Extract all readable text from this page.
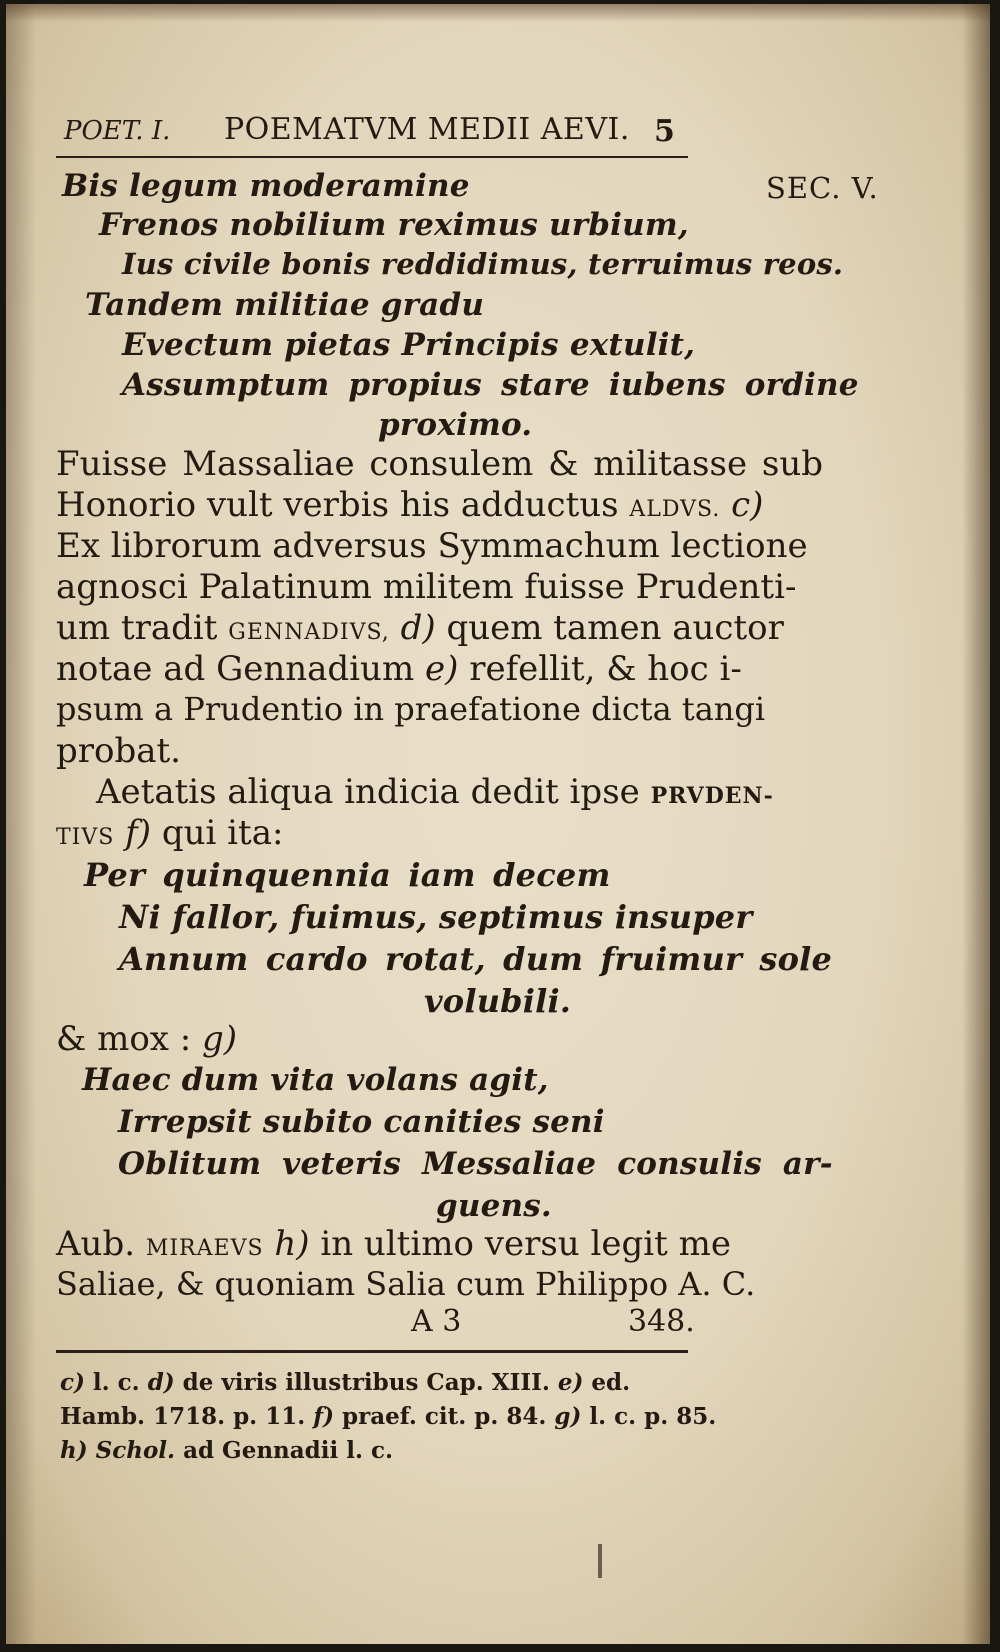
POET. I. POEMATVM MEDII AEVI. 5
SEC. V.
Bis legum moderamine
Frenos nobilium reximus urbium,
Ius civile bonis reddidimus, terruimus reos.
Tandem militiae gradu
Evectum pietas Principis extulit,
Assumptum propius stare iubens ordine
proximo.
Fuisse Massaliae consulem & militasse sub
Honorio vult verbis his adductus ALDVS. c)
Ex librorum adversus Symmachum lectione
agnosci Palatinum militem fuisse Prudenti-
um tradit GENNADIVS, d) quem tamen auctor
notae ad Gennadium e) refellit, & hoc i-
psum a Prudentio in praefatione dicta tangi
probat.
Aetatis aliqua indicia dedit ipse PRVDEN-
TIVS f) qui ita:
Per quinquennia iam decem
Ni fallor, fuimus, septimus insuper
Annum cardo rotat, dum fruimur sole
volubili.
& mox : g)
Haec dum vita volans agit,
Irrepsit subito canities seni
Oblitum veteris Messaliae consulis ar-
guens.
Aub. MIRAEVS h) in ultimo versu legit me
Saliae, & quoniam Salia cum Philippo A. C.
A 3	348.
c) l. c. d) de viris illustribus Cap. XIII. e) ed.
Hamb. 1718. p. 11. f) praef. cit. p. 84. g) l. c. p. 85.
h) Schol. ad Gennadii l. c.
